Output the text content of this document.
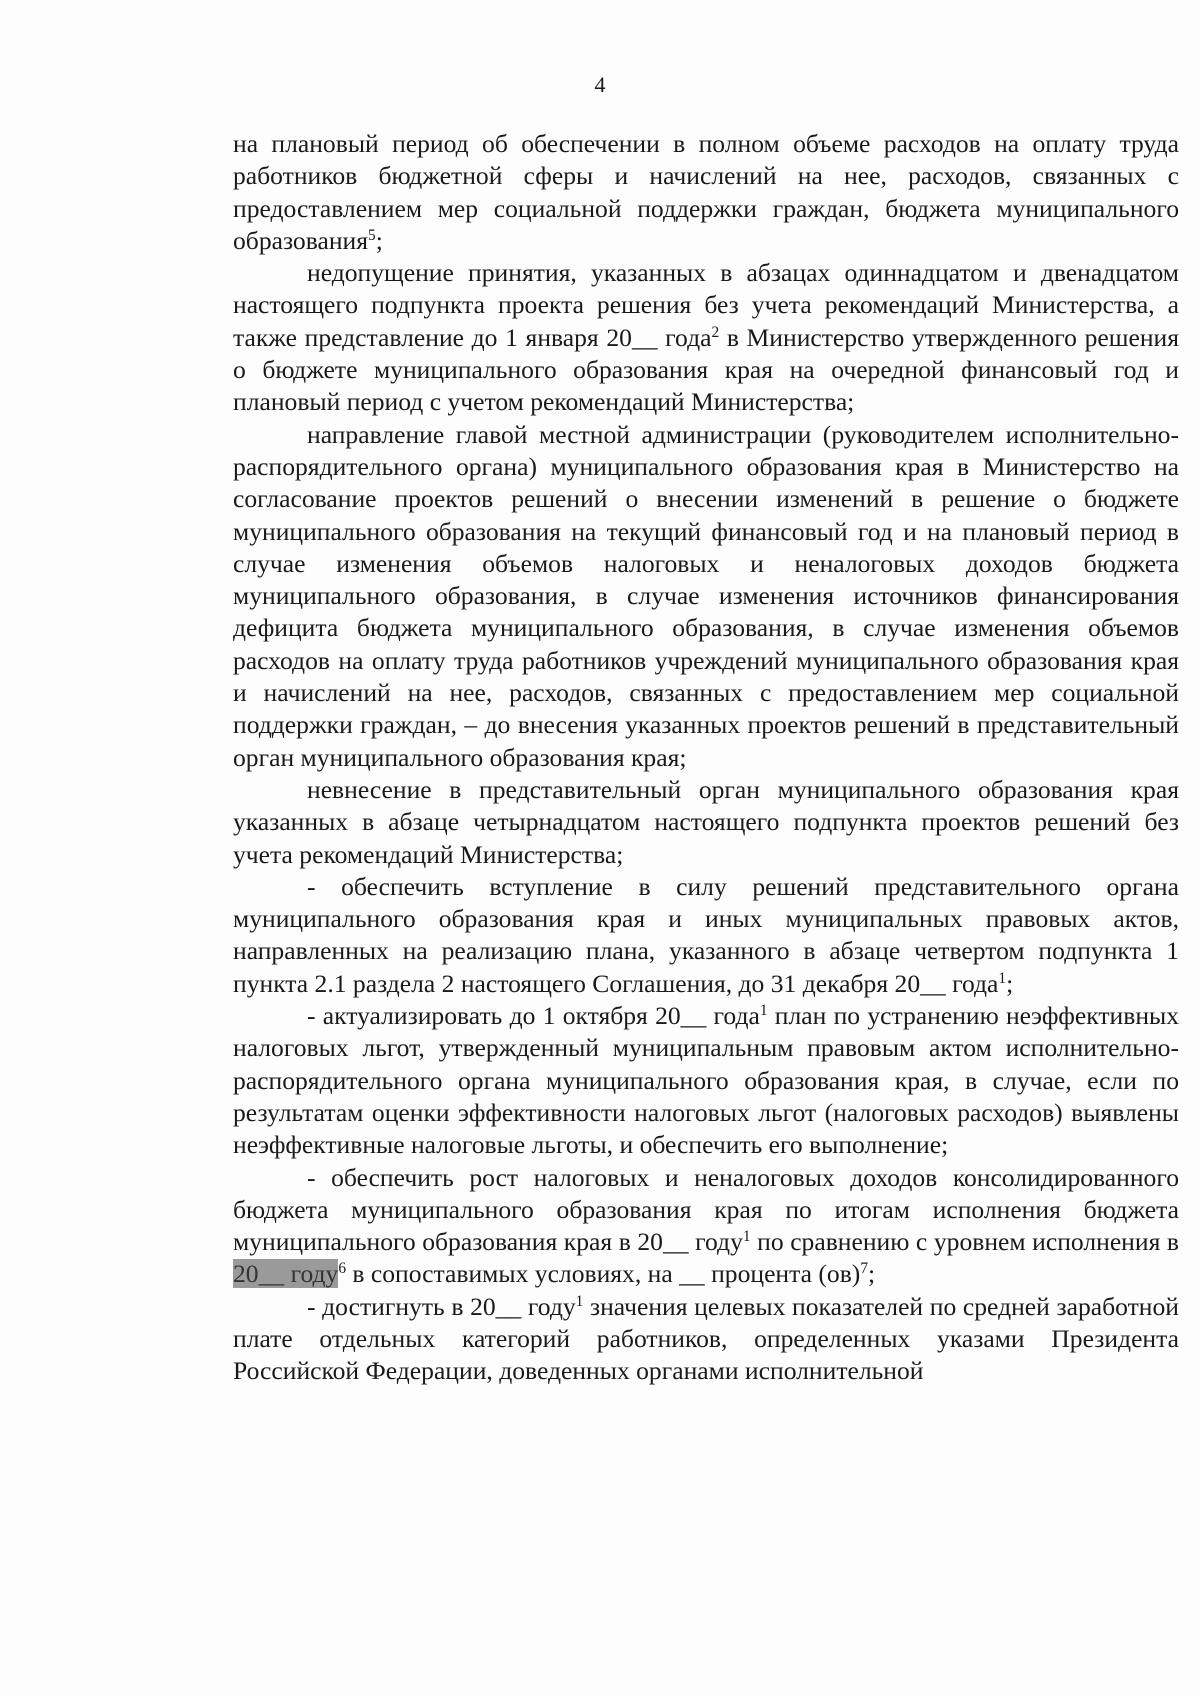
4

на плановый период об обеспечении в полном объеме расходов на оплату труда работников бюджетной сферы и начислений на нее, расходов, связанных с предоставлением мер социальной поддержки граждан, бюджета муниципального образования$^5$;

недопущение принятия, указанных в абзацах одиннадцатом и двенадцатом настоящего подпункта проекта решения без учета рекомендаций Министерства, а также представление до 1 января 20__ года$^2$ в Министерство утвержденного решения о бюджете муниципального образования края на очередной финансовый год и плановый период с учетом рекомендаций Министерства;

направление главой местной администрации (руководителем исполнительно-распорядительного органа) муниципального образования края в Министерство на согласование проектов решений о внесении изменений в решение о бюджете муниципального образования на текущий финансовый год и на плановый период в случае изменения объемов налоговых и неналоговых доходов бюджета муниципального образования, в случае изменения источников финансирования дефицита бюджета муниципального образования, в случае изменения объемов расходов на оплату труда работников учреждений муниципального образования края и начислений на нее, расходов, связанных с предоставлением мер социальной поддержки граждан, – до внесения указанных проектов решений в представительный орган муниципального образования края;

невнесение в представительный орган муниципального образования края указанных в абзаце четырнадцатом настоящего подпункта проектов решений без учета рекомендаций Министерства;

- обеспечить вступление в силу решений представительного органа муниципального образования края и иных муниципальных правовых актов, направленных на реализацию плана, указанного в абзаце четвертом подпункта 1 пункта 2.1 раздела 2 настоящего Соглашения, до 31 декабря 20__ года$^1$;

- актуализировать до 1 октября 20__ года$^1$ план по устранению неэффективных налоговых льгот, утвержденный муниципальным правовым актом исполнительно-распорядительного органа муниципального образования края, в случае, если по результатам оценки эффективности налоговых льгот (налоговых расходов) выявлены неэффективные налоговые льготы, и обеспечить его выполнение;

- обеспечить рост налоговых и неналоговых доходов консолидированного бюджета муниципального образования края по итогам исполнения бюджета муниципального образования края в 20__ году$^1$ по сравнению с уровнем исполнения в 20__ году$^6$ в сопоставимых условиях, на __ процента (ов)$^7$;

- достигнуть в 20__ году$^1$ значения целевых показателей по средней заработной плате отдельных категорий работников, определенных указами Президента Российской Федерации, доведенных органами исполнительной
